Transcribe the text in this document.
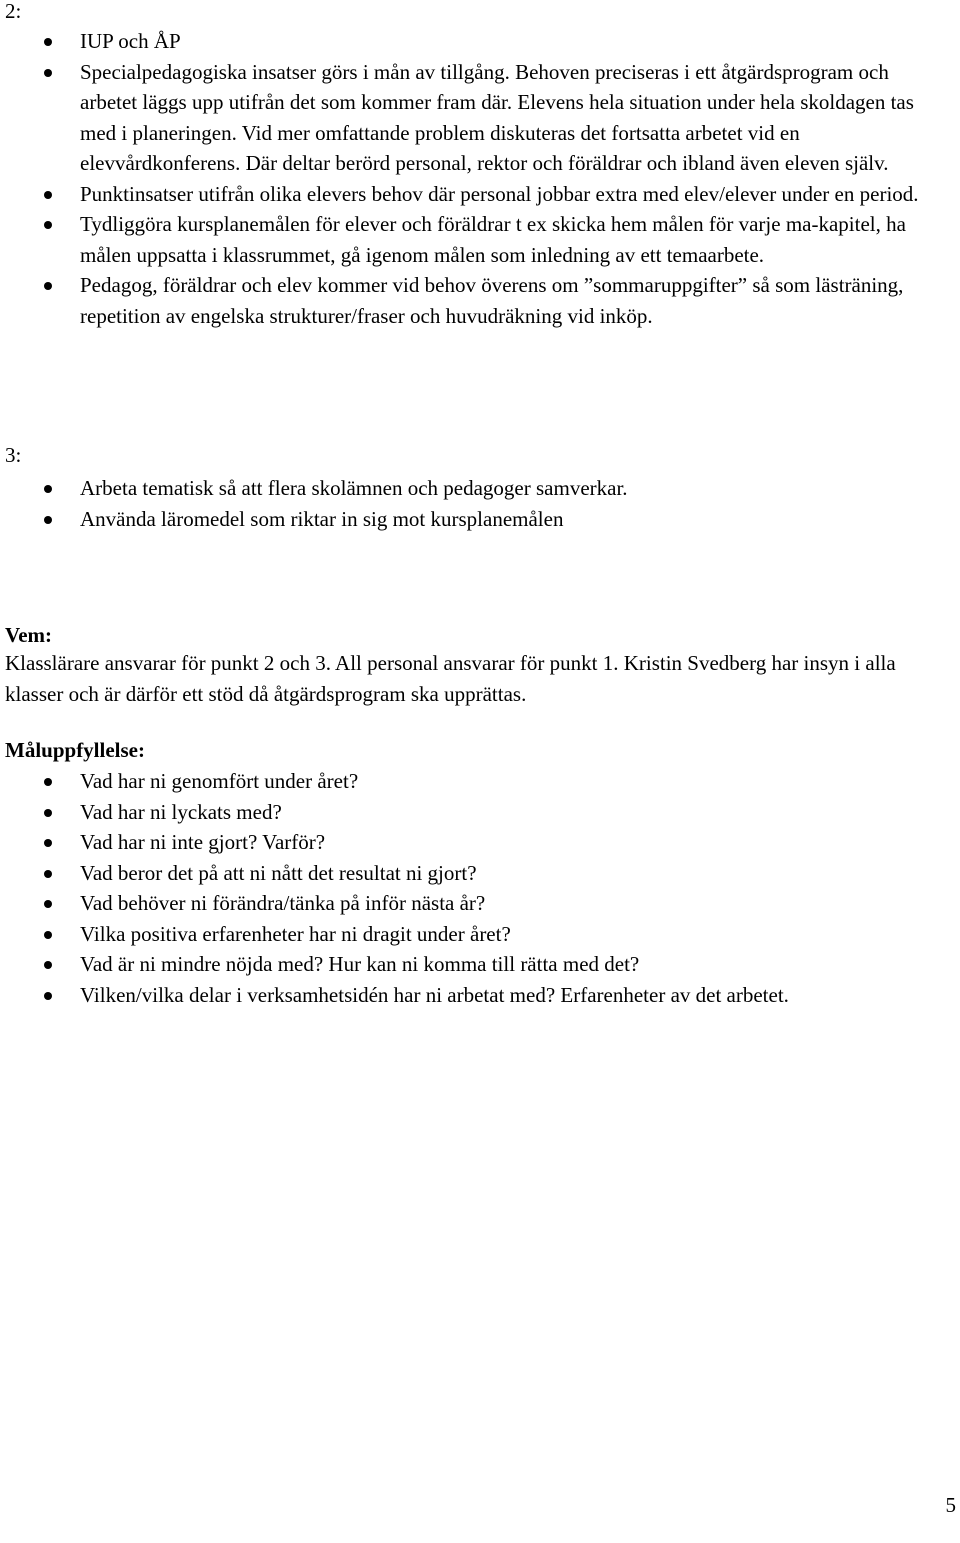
2:
IUP och ÅP
Specialpedagogiska insatser görs i mån av tillgång. Behoven preciseras i ett åtgärdsprogram och arbetet läggs upp utifrån det som kommer fram där. Elevens hela situation under hela skoldagen tas med i planeringen. Vid mer omfattande problem diskuteras det fortsatta arbetet vid en elevvårdkonferens. Där deltar berörd personal, rektor och föräldrar och ibland även eleven själv.
Punktinsatser utifrån olika elevers behov där personal jobbar extra med elev/elever under en period.
Tydliggöra kursplanemålen för elever och föräldrar t ex skicka hem målen för varje ma-kapitel, ha målen uppsatta i klassrummet, gå igenom målen som inledning av ett temaarbete.
Pedagog, föräldrar och elev kommer vid behov överens om ”sommaruppgifter” så som lästräning, repetition av engelska strukturer/fraser och huvudräkning vid inköp.
3:
Arbeta tematisk så att flera skolämnen och pedagoger samverkar.
Använda läromedel som riktar in sig mot kursplanemålen
Vem:
Klasslärare ansvarar för punkt 2 och 3. All personal ansvarar för punkt 1. Kristin Svedberg har insyn i alla klasser och är därför ett stöd då åtgärdsprogram ska upprättas.
Måluppfyllelse:
Vad har ni genomfört under året?
Vad har ni lyckats med?
Vad har ni inte gjort? Varför?
Vad beror det på att ni nått det resultat ni gjort?
Vad behöver ni förändra/tänka på inför nästa år?
Vilka positiva erfarenheter har ni dragit under året?
Vad är ni mindre nöjda med? Hur kan ni komma till rätta med det?
Vilken/vilka delar i verksamhetsidén har ni arbetat med? Erfarenheter av det arbetet.
5
